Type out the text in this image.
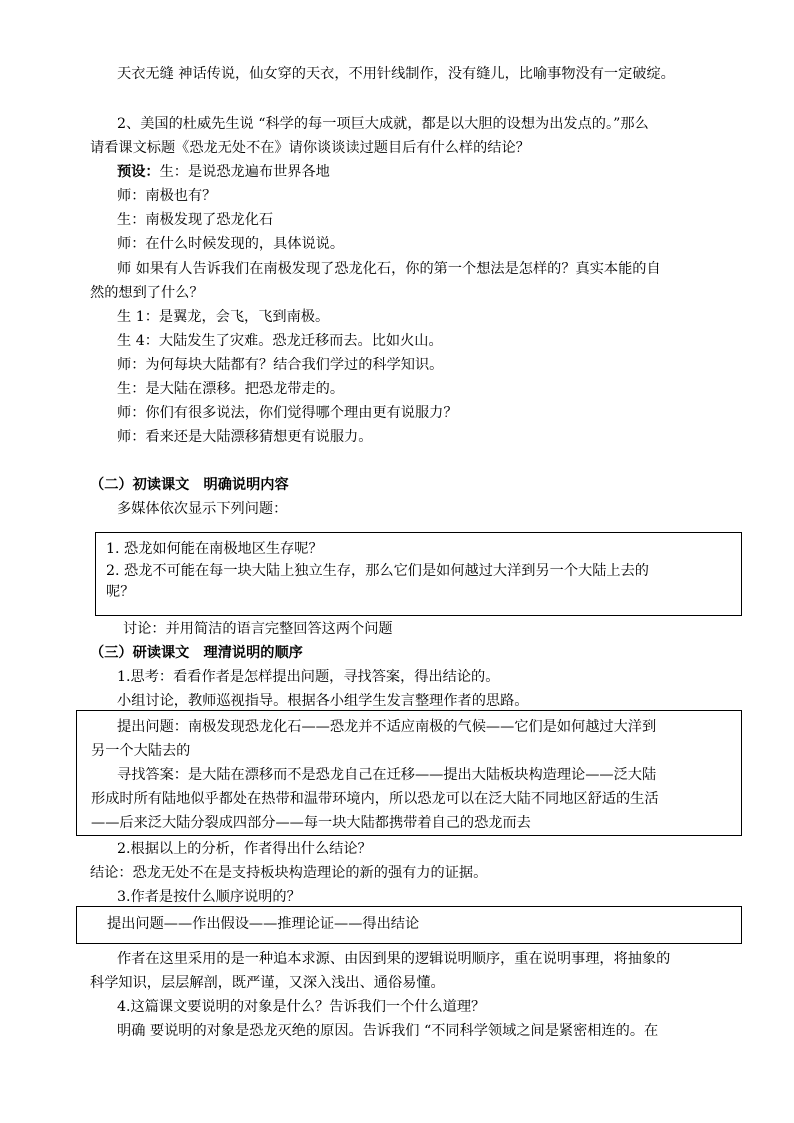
天衣无缝 神话传说，仙女穿的天衣，不用针线制作，没有缝儿，比喻事物没有一定破绽。
2、美国的杜威先生说 “科学的每一项巨大成就，都是以大胆的设想为出发点的。”那么
请看课文标题《恐龙无处不在》请你谈谈读过题目后有什么样的结论？
预设：生：是说恐龙遍布世界各地
师：南极也有？
生：南极发现了恐龙化石
师：在什么时候发现的，具体说说。
师 如果有人告诉我们在南极发现了恐龙化石，你的第一个想法是怎样的？真实本能的自
然的想到了什么？
生 1：是翼龙，会飞，飞到南极。
生 4：大陆发生了灾难。恐龙迁移而去。比如火山。
师：为何每块大陆都有？结合我们学过的科学知识。
生：是大陆在漂移。把恐龙带走的。
师：你们有很多说法，你们觉得哪个理由更有说服力？
师：看来还是大陆漂移猜想更有说服力。
（二）初读课文　明确说明内容
多媒体依次显示下列问题：
1. 恐龙如何能在南极地区生存呢？
2. 恐龙不可能在每一块大陆上独立生存，那么它们是如何越过大洋到另一个大陆上去的
呢？
讨论：并用简洁的语言完整回答这两个问题
（三）研读课文　理清说明的顺序
1.思考：看看作者是怎样提出问题，寻找答案，得出结论的。
小组讨论，教师巡视指导。根据各小组学生发言整理作者的思路。
提出问题：南极发现恐龙化石——恐龙并不适应南极的气候——它们是如何越过大洋到
另一个大陆去的
寻找答案：是大陆在漂移而不是恐龙自己在迁移——提出大陆板块构造理论——泛大陆
形成时所有陆地似乎都处在热带和温带环境内，所以恐龙可以在泛大陆不同地区舒适的生活
——后来泛大陆分裂成四部分——每一块大陆都携带着自己的恐龙而去
2.根据以上的分析，作者得出什么结论？
结论：恐龙无处不在是支持板块构造理论的新的强有力的证据。
3.作者是按什么顺序说明的？
提出问题——作出假设——推理论证——得出结论
作者在这里采用的是一种追本求源、由因到果的逻辑说明顺序，重在说明事理，将抽象的
科学知识，层层解剖，既严谨，又深入浅出、通俗易懂。
4.这篇课文要说明的对象是什么？告诉我们一个什么道理？
明确 要说明的对象是恐龙灭绝的原因。告诉我们 “不同科学领域之间是紧密相连的。在
